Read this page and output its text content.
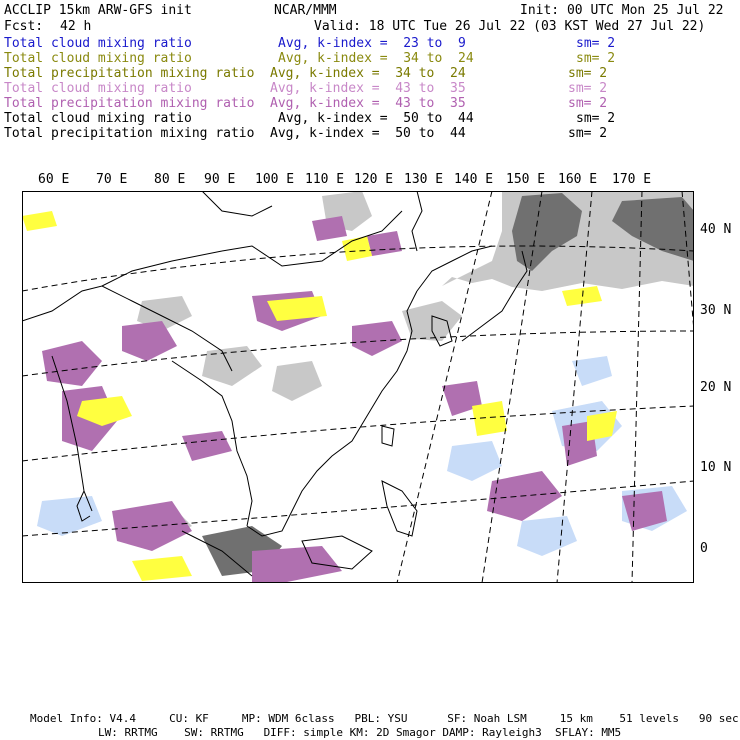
ACCLIP 15km ARW-GFS init	NCAR/MMM	Init: 00 UTC Mon 25 Jul 22
Fcst: 42 h	Valid: 18 UTC Tue 26 Jul 22 (03 KST Wed 27 Jul 22)
Total cloud mixing ratio	Avg, k-index =  23 to  9	sm= 2
Total cloud mixing ratio	Avg, k-index =  34 to  24	sm= 2
Total precipitation mixing ratio Avg, k-index =  34 to  24	sm= 2
Total cloud mixing ratio	Avg, k-index =  43 to  35	sm= 2
Total precipitation mixing ratio Avg, k-index =  43 to  35	sm= 2
Total cloud mixing ratio	Avg, k-index =  50 to  44	sm= 2
Total precipitation mixing ratio Avg, k-index =  50 to  44	sm= 2
60 E 70 E 80 E 90 E 100 E 110 E 120 E 130 E 140 E 150 E 160 E 170 E
40 N
30 N
20 N
10 N
0
Model Info: V4.4     CU: KF     MP: WDM 6class   PBL: YSU      SF: Noah LSM     15 km    51 levels   90 sec
LW: RRTMG    SW: RRTMG   DIFF: simple KM: 2D Smagor DAMP: Rayleigh3  SFLAY: MM5
